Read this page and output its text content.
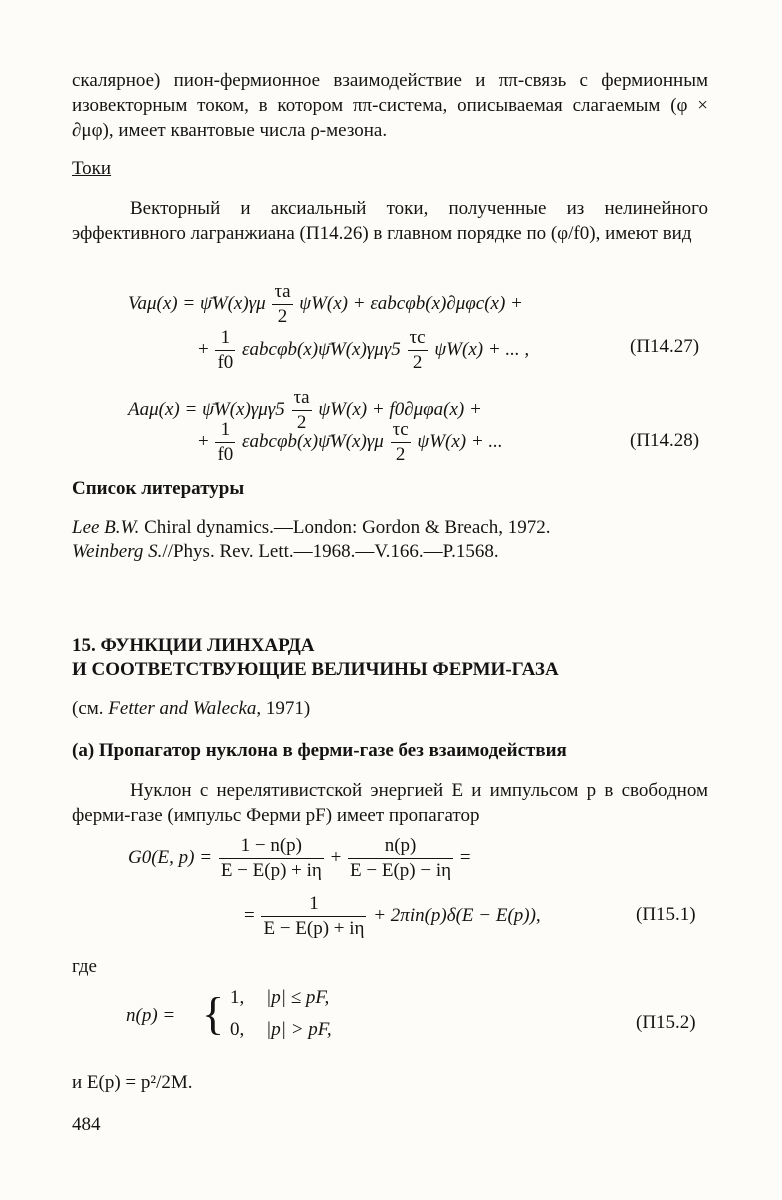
скалярное) пион-фермионное взаимодействие и ππ-связь с фермионным изовекторным током, в котором ππ-система, описываемая слагаемым (φ × ∂μφ), имеет квантовые числа ρ-мезона.
Токи
Векторный и аксиальный токи, полученные из нелинейного эффективного лагранжиана (П14.26) в главном порядке по (φ/f0), имеют вид
Vaμ(x) = ψ̄W(x)γμ $\frac{\tau a}{2} \psi W(x) + \varepsilon abc\varphi b(x)\partial\mu\varphi c(x)$ +
+ $\frac{1}{f0}$ εabcφb(x)ψ̄W(x)γμγ5 $\frac{\tau c}{2} \psi W(x)$ + ... ,	(П14.27)
Aaμ(x) = ψ̄W(x)γμγ5 $\frac{\tau a}{2} \psi W(x) + f0\partial\mu\varphi a(x)$ +
+ $\frac{1}{f0}$ εabcφb(x)ψ̄W(x)γμ $\frac{\tau c}{2} \psi W(x)$ + ...	(П14.28)
Список литературы
Lee B.W. Chiral dynamics.—London: Gordon & Breach, 1972.
Weinberg S.//Phys. Rev. Lett.—1968.—V.166.—P.1568.
15. ФУНКЦИИ ЛИНХАРДА
И СООТВЕТСТВУЮЩИЕ ВЕЛИЧИНЫ ФЕРМИ-ГАЗА
(см. Fetter and Walecka, 1971)
(а) Пропагатор нуклона в ферми-газе без взаимодействия
Нуклон с нерелятивистской энергией E и импульсом p в свободном ферми-газе (импульс Ферми pF) имеет пропагатор
G0(E, $p) = \frac{1 - n(p)}{E - E(p) + i\eta} + \frac{n(p)}{E - E(p) - i\eta}$ =
= $\frac{1}{E - E(p) + i\eta} + 2\pi in(p)\delta(E - E(p))$,	(П15.1)
где
n(p) = { 1, |p| ≤ pF,
0, |p| > pF,	(П15.2)
и E(p) = p²/2M.
484
